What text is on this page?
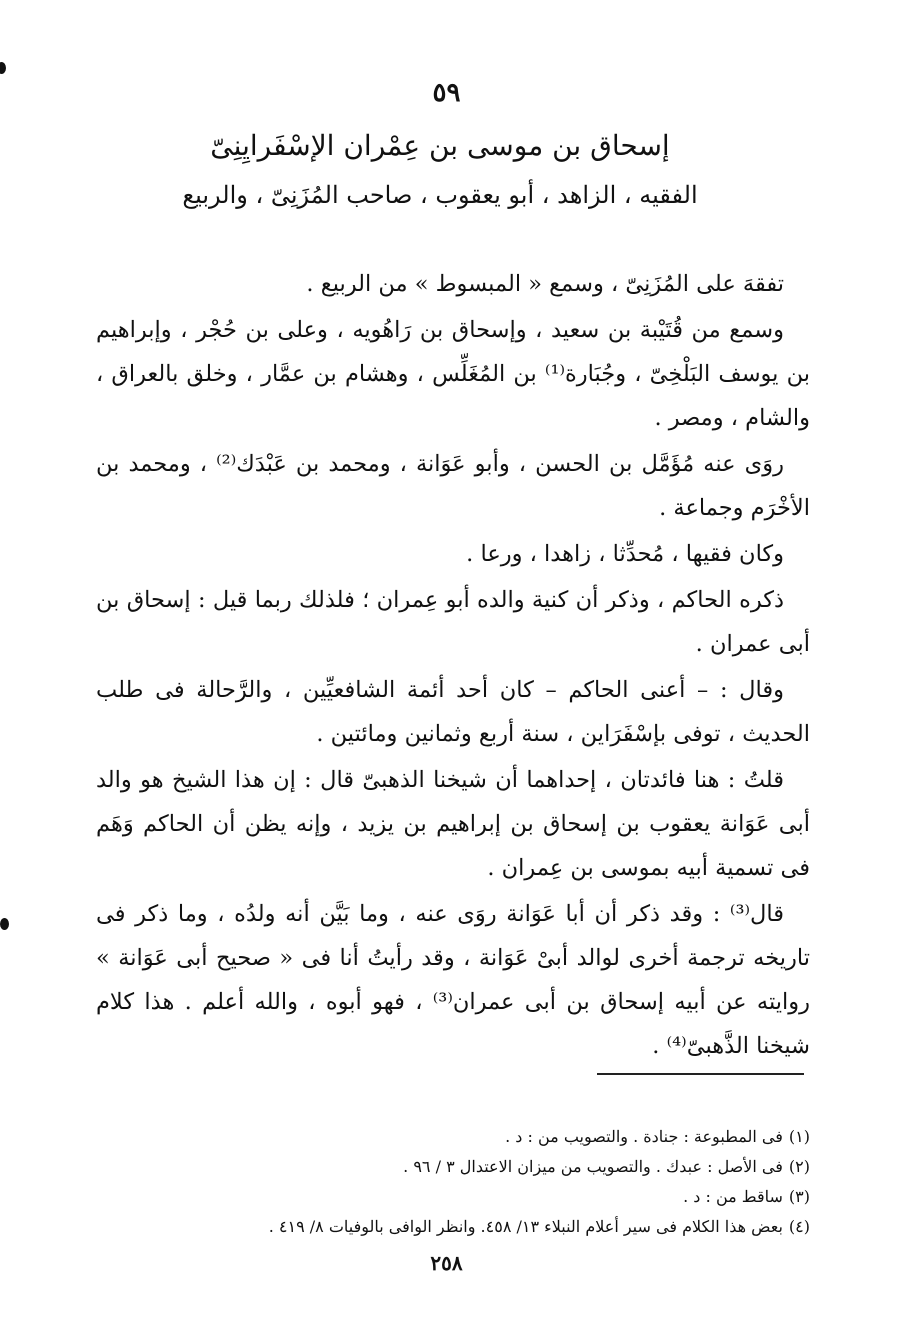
٥٩
إسحاق بن موسى بن عِمْران الإسْفَرايِنِىّ
الفقيه ، الزاهد ، أبو يعقوب ، صاحب المُزَنِىّ ، والربيع

تفقهَ على المُزَنِىّ ، وسمع « المبسوط » من الربيع .

وسمع من قُتَيْبة بن سعيد ، وإسحاق بن رَاهُويه ، وعلى بن حُجْر ، وإبراهيم بن يوسف البَلْخِىّ ، وجُبَارة⁽¹⁾ بن المُغَلِّس ، وهشام بن عمَّار ، وخلق بالعراق ، والشام ، ومصر .

روَى عنه مُؤَمَّل بن الحسن ، وأبو عَوَانة ، ومحمد بن عَبْدَك⁽²⁾ ، ومحمد بن الأخْرَم وجماعة .

وكان فقيها ، مُحدِّثا ، زاهدا ، ورعا .

ذكره الحاكم ، وذكر أن كنية والده أبو عِمران ؛ فلذلك ربما قيل : إسحاق بن أبى عمران .

وقال : – أعنى الحاكم – كان أحد أئمة الشافعيِّين ، والرَّحالة فى طلب الحديث ، توفى بإسْفَرَاين ، سنة أربع وثمانين ومائتين .

قلتُ : هنا فائدتان ، إحداهما أن شيخنا الذهبىّ قال : إن هذا الشيخ هو والد أبى عَوَانة يعقوب بن إسحاق بن إبراهيم بن يزيد ، وإنه يظن أن الحاكم وَهَم فى تسمية أبيه بموسى بن عِمران .

قال⁽³⁾ : وقد ذكر أن أبا عَوَانة روَى عنه ، وما بَيَّن أنه ولدُه ، وما ذكر فى تاريخه ترجمة أخرى لوالد أبىْ عَوَانة ، وقد رأيتُ أنا فى « صحيح أبى عَوَانة » روايته عن أبيه إسحاق بن أبى عمران⁽³⁾ ، فهو أبوه ، والله أعلم . هذا كلام شيخنا الذَّهبىّ⁽⁴⁾ .

(١)فى المطبوعة : جنادة . والتصويب من : د .
(٢)فى الأصل : عبدك . والتصويب من ميزان الاعتدال ٣ / ٩٦ .
(٣)ساقط من : د .
(٤)بعض هذا الكلام فى سير أعلام النبلاء ١٣/ ٤٥٨. وانظر الوافى بالوفيات ٨/ ٤١٩ .
٢٥٨
